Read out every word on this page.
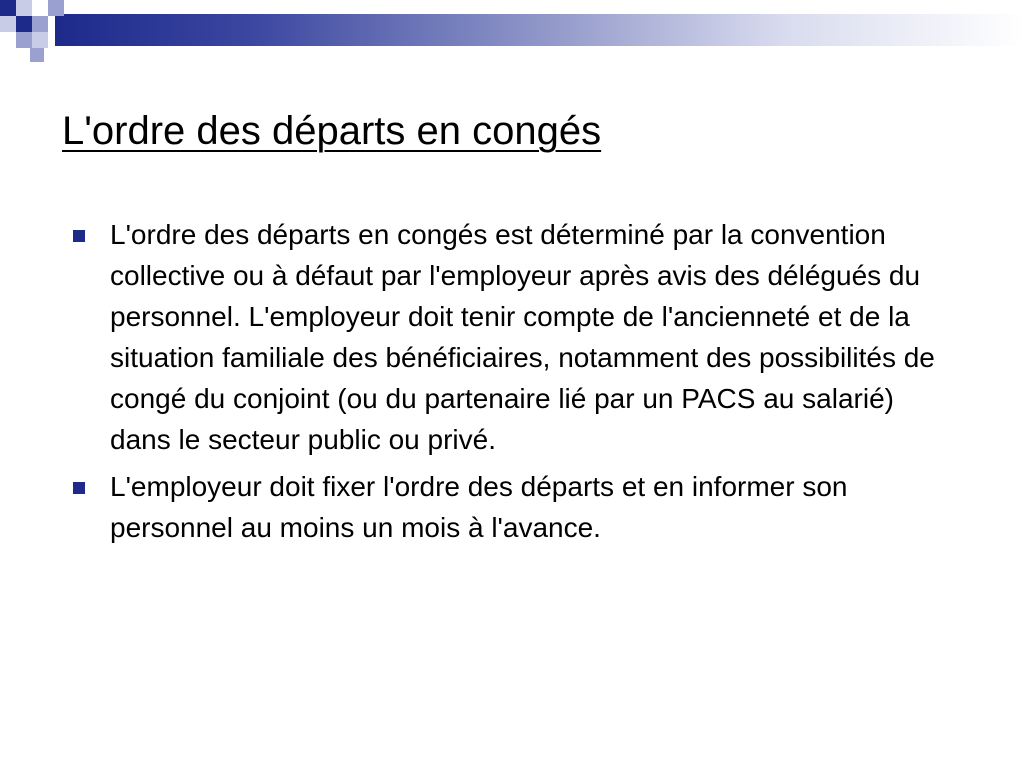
L'ordre des départs en congés
L'ordre des départs en congés est déterminé par la convention collective ou à défaut par l'employeur après avis des délégués du personnel. L'employeur doit tenir compte de l'ancienneté et de la situation familiale des bénéficiaires, notamment des possibilités de congé du conjoint (ou du partenaire lié par un PACS au salarié) dans le secteur public ou privé.
L'employeur doit fixer l'ordre des départs et en informer son personnel au moins un mois à l'avance.
